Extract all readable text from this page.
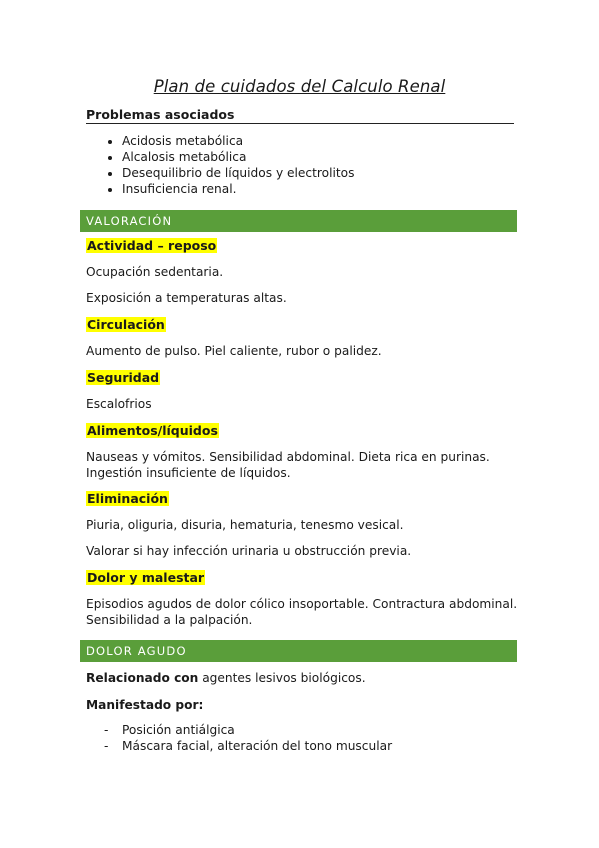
Plan de cuidados del Calculo Renal
Problemas asociados
• Acidosis metabólica
• Alcalosis metabólica
• Desequilibrio de líquidos y electrolitos
• Insuficiencia renal.
VALORACIÓN
Actividad – reposo

Ocupación sedentaria.

Exposición a temperaturas altas.

Circulación

Aumento de pulso. Piel caliente, rubor o palidez.

Seguridad

Escalofrios

Alimentos/líquidos

Nauseas y vómitos. Sensibilidad abdominal. Dieta rica en purinas. Ingestión insuficiente de líquidos.

Eliminación

Piuria, oliguria, disuria, hematuria, tenesmo vesical.

Valorar si hay infección urinaria u obstrucción previa.

Dolor y malestar

Episodios agudos de dolor cólico insoportable. Contractura abdominal. Sensibilidad a la palpación.

DOLOR AGUDO

Relacionado con agentes lesivos biológicos.

Manifestado por:

- Posición antiálgica
- Máscara facial, alteración del tono muscular
